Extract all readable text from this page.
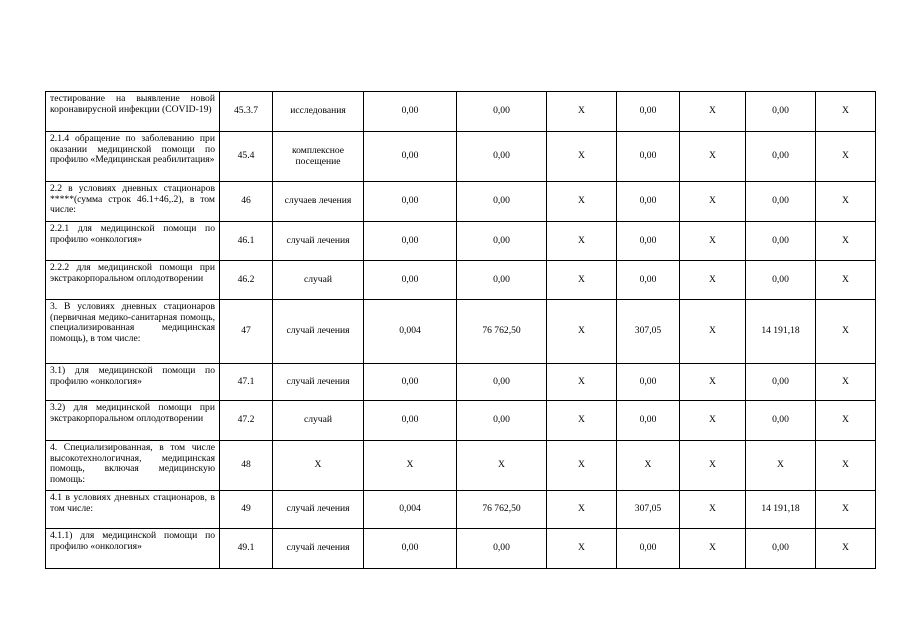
тестирование на выявление новой коронавирусной инфекции (COVID-19)	45.3.7	исследования	0,00	0,00	X	0,00	X	0,00	X
2.1.4 обращение по заболеванию при оказании медицинской помощи по профилю «Медицинская реабилитация»	45.4	комплексное посещение	0,00	0,00	X	0,00	X	0,00	X
2.2 в условиях дневных стационаров *****(сумма строк 46.1+46,.2), в том числе:	46	случаев лечения	0,00	0,00	X	0,00	X	0,00	X
2.2.1 для медицинской помощи по профилю «онкология»	46.1	случай лечения	0,00	0,00	X	0,00	X	0,00	X
2.2.2 для медицинской помощи при экстракорпоральном оплодотворении	46.2	случай	0,00	0,00	X	0,00	X	0,00	X
3. В условиях дневных стационаров (первичная медико-санитарная помощь, специализированная медицинская помощь), в том числе:	47	случай лечения	0,004	76 762,50	X	307,05	X	14 191,18	X
3.1) для медицинской помощи по профилю «онкология»	47.1	случай лечения	0,00	0,00	X	0,00	X	0,00	X
3.2) для медицинской помощи при экстракорпоральном оплодотворении	47.2	случай	0,00	0,00	X	0,00	X	0,00	X
4. Специализированная, в том числе высокотехнологичная, медицинская помощь, включая медицинскую помощь:	48	X	X	X	X	X	X	X	X
4.1 в условиях дневных стационаров, в том числе:	49	случай лечения	0,004	76 762,50	X	307,05	X	14 191,18	X
4.1.1) для медицинской помощи по профилю «онкология»	49.1	случай лечения	0,00	0,00	X	0,00	X	0,00	X
